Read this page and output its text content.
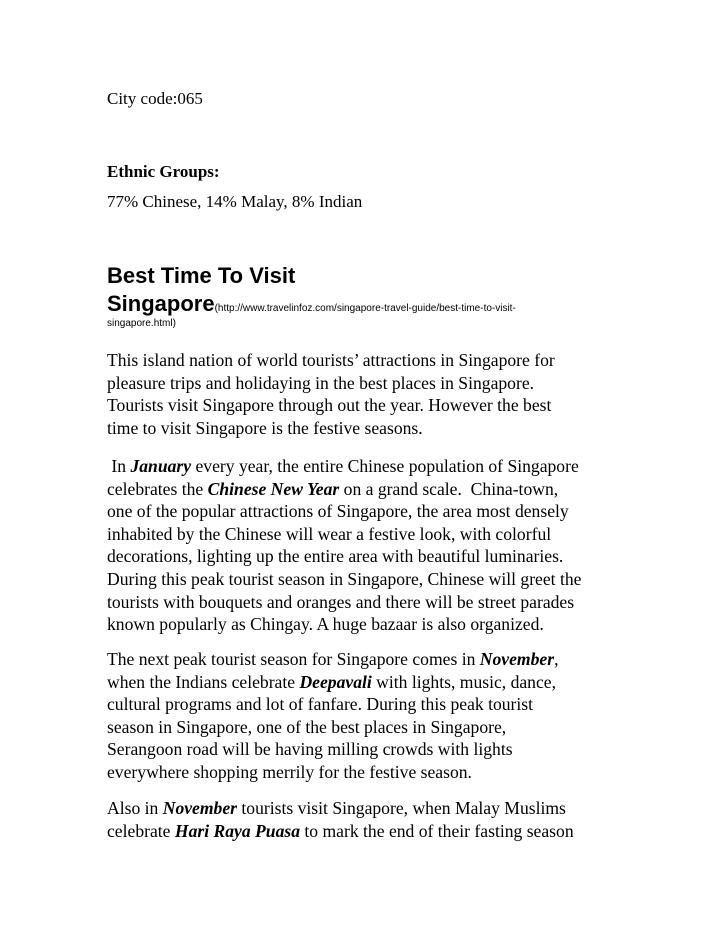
City code:065
Ethnic Groups:
77% Chinese, 14% Malay, 8% Indian
Best Time To Visit
Singapore(http://www.travelinfoz.com/singapore-travel-guide/best-time-to-visit-
singapore.html)

This island nation of world tourists’ attractions in Singapore for
pleasure trips and holidaying in the best places in Singapore.
Tourists visit Singapore through out the year. However the best
time to visit Singapore is the festive seasons.

In January every year, the entire Chinese population of Singapore
celebrates the Chinese New Year on a grand scale.  China-town,
one of the popular attractions of Singapore, the area most densely
inhabited by the Chinese will wear a festive look, with colorful
decorations, lighting up the entire area with beautiful luminaries.
During this peak tourist season in Singapore, Chinese will greet the
tourists with bouquets and oranges and there will be street parades
known popularly as Chingay. A huge bazaar is also organized.

The next peak tourist season for Singapore comes in November,
when the Indians celebrate Deepavali with lights, music, dance,
cultural programs and lot of fanfare. During this peak tourist
season in Singapore, one of the best places in Singapore,
Serangoon road will be having milling crowds with lights
everywhere shopping merrily for the festive season.

Also in November tourists visit Singapore, when Malay Muslims
celebrate Hari Raya Puasa to mark the end of their fasting season
